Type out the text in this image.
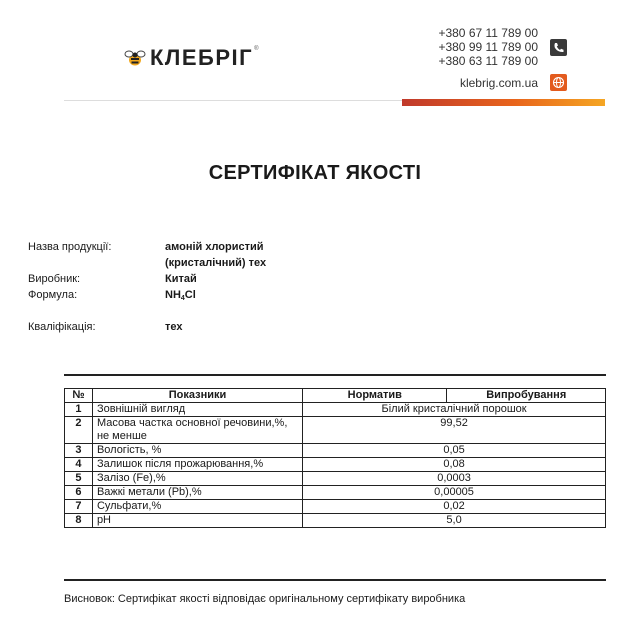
КЛЕБРІГ ®
+380 67 11 789 00
+380 99 11 789 00
+380 63 11 789 00
klebrig.com.ua
СЕРТИФІКАТ ЯКОСТІ
Назва продукції:	амоній хлористий
(кристалічний) тех
Виробник:	Китай
Формула:	$NH_4Cl$
Кваліфікація:	тех
№	Показники	Норматив	Випробування
1	Зовнішній вигляд	Білий кристалічний порошок	
2	Масова частка основної речовини,%, не менше	99,52	
3	Вологість, %	0,05	
4	Залишок після прожарювання,%	0,08	
5	Залізо (Fe),%	0,0003	
6	Важкі метали (Pb),%	0,00005	
7	Сульфати,%	0,02	
8	pH	5,0	
Висновок: Сертифікат якості відповідає оригінальному сертифікату виробника
